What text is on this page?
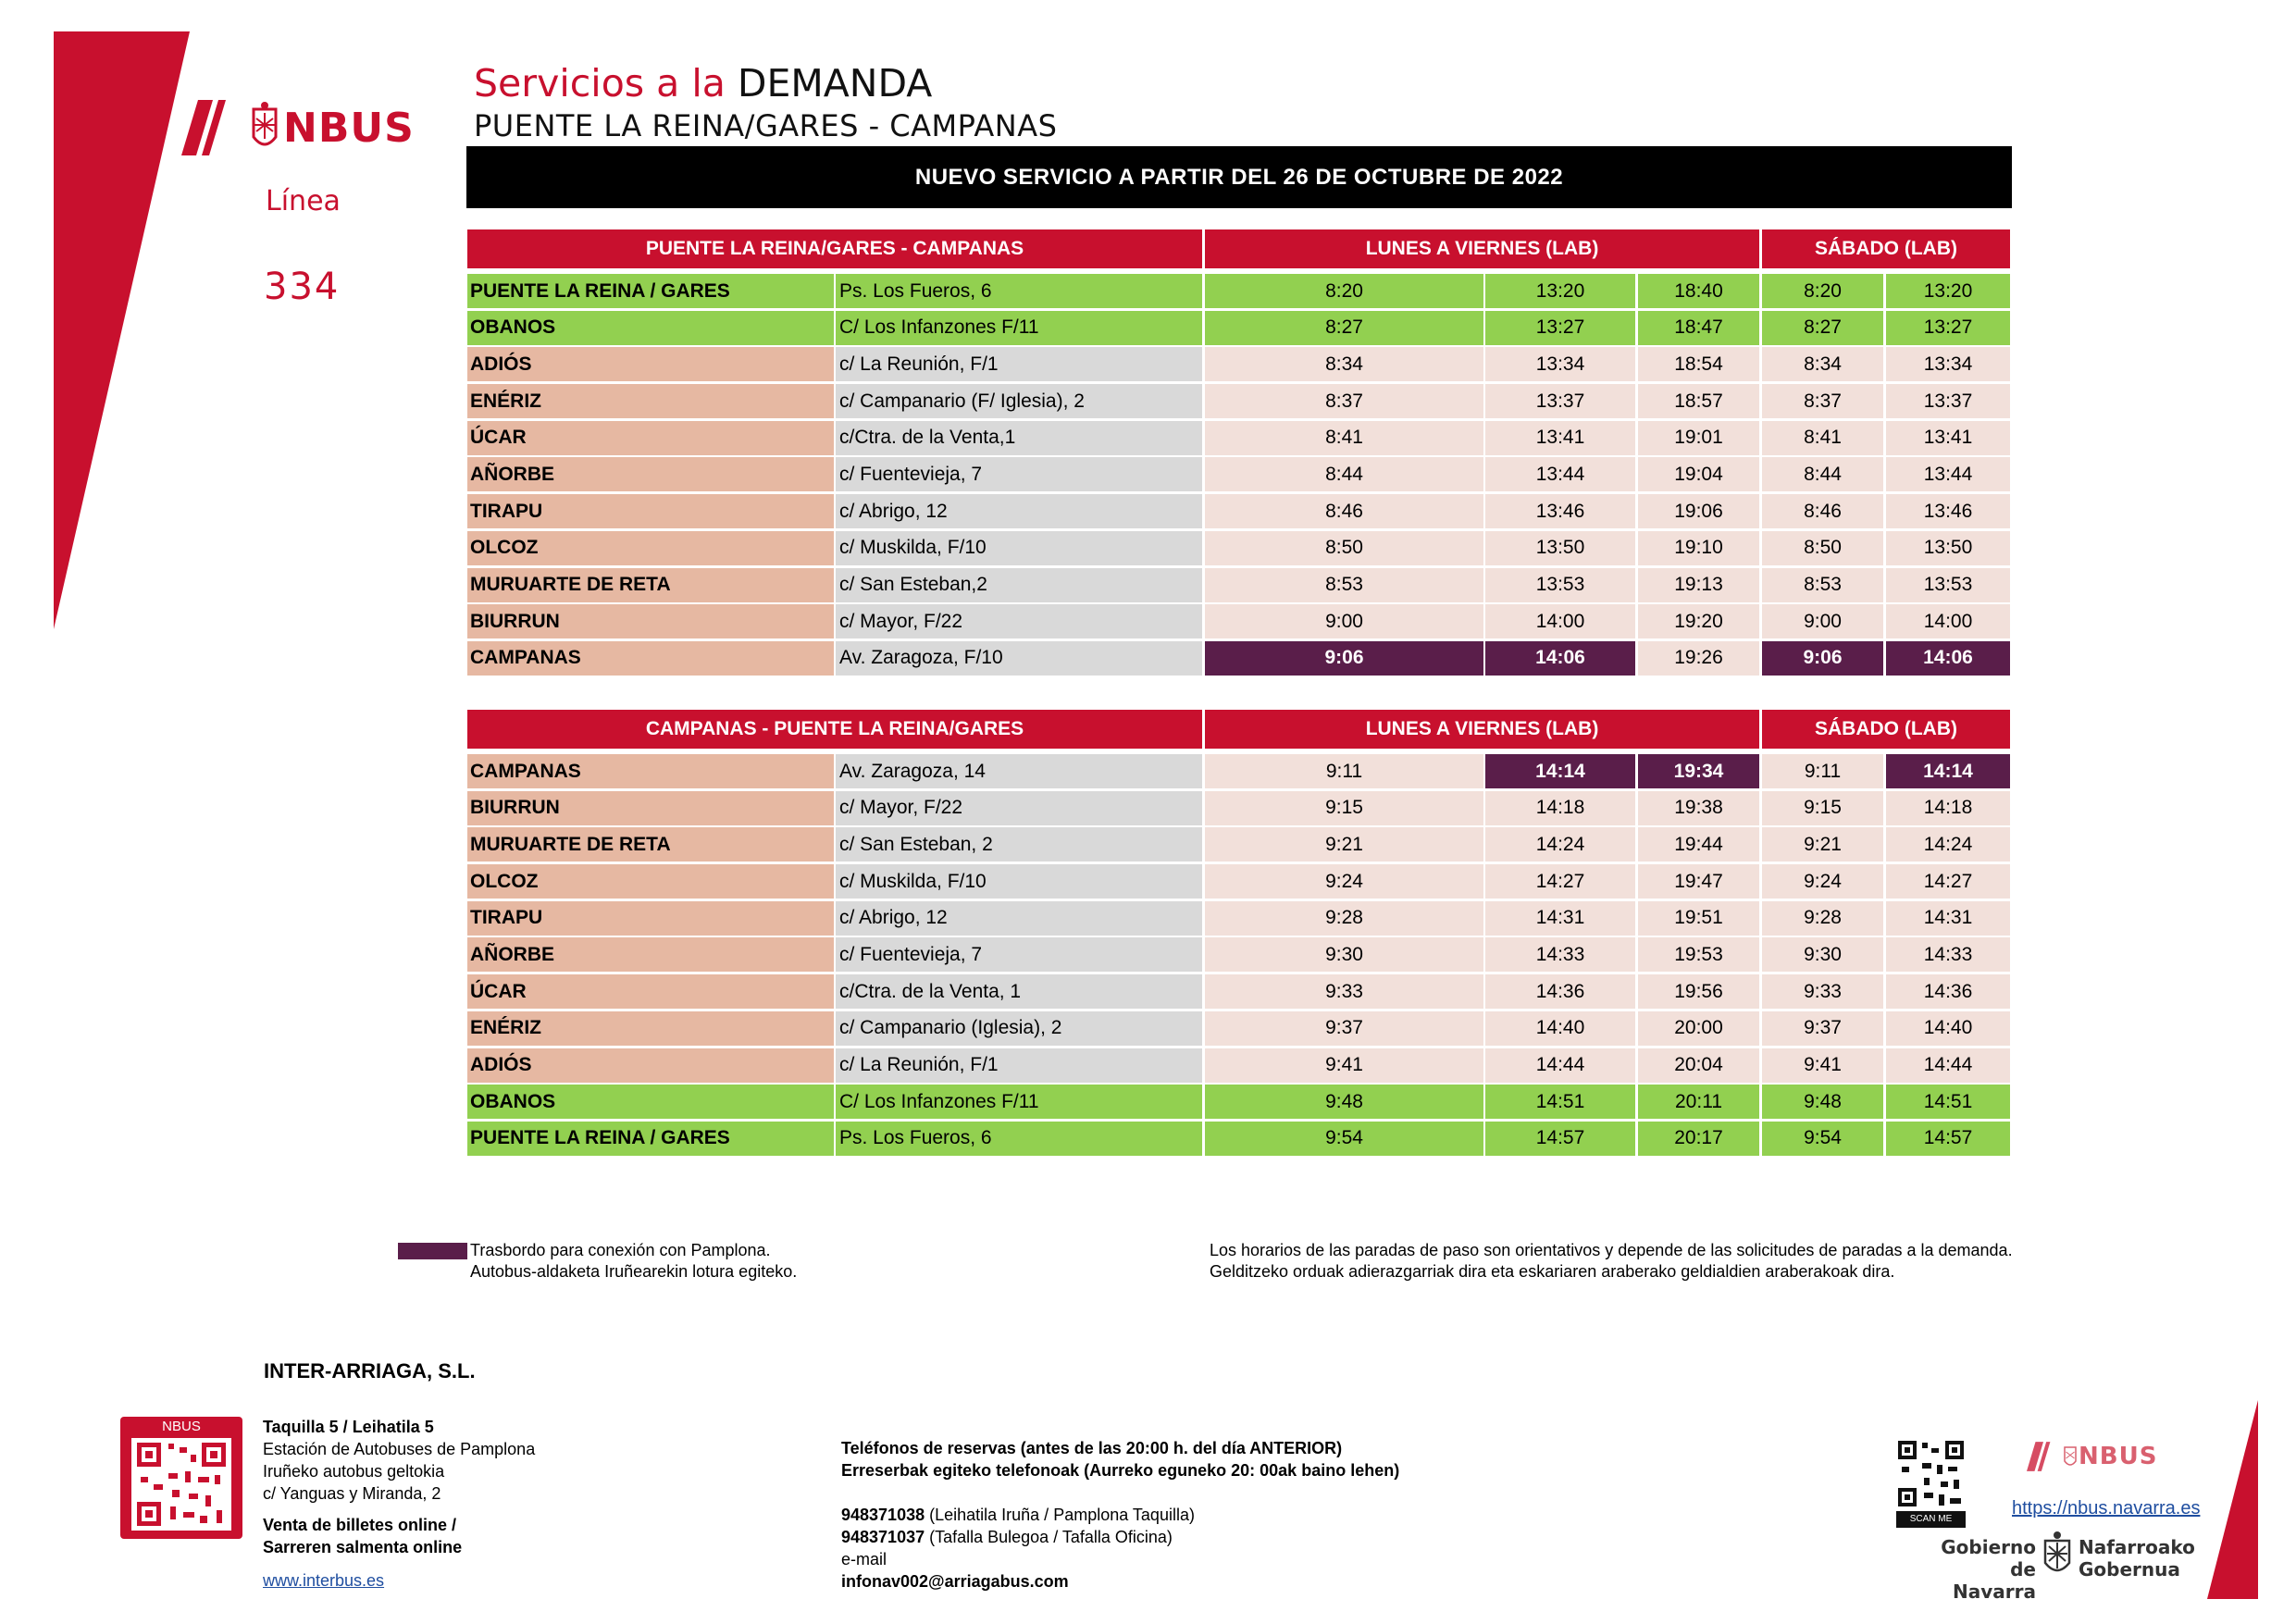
NBUS
Servicios a la DEMANDA
PUENTE LA REINA/GARES - CAMPANAS
Línea
334
NUEVO SERVICIO A PARTIR DEL 26 DE OCTUBRE DE 2022
PUENTE LA REINA/GARES - CAMPANAS	LUNES A VIERNES (LAB)	SÁBADO (LAB)
PUENTE LA REINA / GARES	Ps. Los Fueros, 6	8:20	13:20	18:40	8:20	13:20
OBANOS	C/ Los Infanzones F/11	8:27	13:27	18:47	8:27	13:27
ADIÓS	c/ La Reunión, F/1	8:34	13:34	18:54	8:34	13:34
ENÉRIZ	c/ Campanario (F/ Iglesia), 2	8:37	13:37	18:57	8:37	13:37
ÚCAR	c/Ctra. de la Venta,1	8:41	13:41	19:01	8:41	13:41
AÑORBE	c/ Fuentevieja, 7	8:44	13:44	19:04	8:44	13:44
TIRAPU	c/ Abrigo, 12	8:46	13:46	19:06	8:46	13:46
OLCOZ	c/ Muskilda, F/10	8:50	13:50	19:10	8:50	13:50
MURUARTE DE RETA	c/ San Esteban,2	8:53	13:53	19:13	8:53	13:53
BIURRUN	c/ Mayor, F/22	9:00	14:00	19:20	9:00	14:00
CAMPANAS	Av. Zaragoza, F/10	9:06	14:06	19:26	9:06	14:06
CAMPANAS - PUENTE LA REINA/GARES	LUNES A VIERNES (LAB)	SÁBADO (LAB)
CAMPANAS	Av. Zaragoza, 14	9:11	14:14	19:34	9:11	14:14
BIURRUN	c/ Mayor, F/22	9:15	14:18	19:38	9:15	14:18
MURUARTE DE RETA	c/ San Esteban, 2	9:21	14:24	19:44	9:21	14:24
OLCOZ	c/ Muskilda, F/10	9:24	14:27	19:47	9:24	14:27
TIRAPU	c/ Abrigo, 12	9:28	14:31	19:51	9:28	14:31
AÑORBE	c/ Fuentevieja, 7	9:30	14:33	19:53	9:30	14:33
ÚCAR	c/Ctra. de la Venta, 1	9:33	14:36	19:56	9:33	14:36
ENÉRIZ	c/ Campanario (Iglesia), 2	9:37	14:40	20:00	9:37	14:40
ADIÓS	c/ La Reunión, F/1	9:41	14:44	20:04	9:41	14:44
OBANOS	C/ Los Infanzones F/11	9:48	14:51	20:11	9:48	14:51
PUENTE LA REINA / GARES	Ps. Los Fueros, 6	9:54	14:57	20:17	9:54	14:57
Trasbordo para conexión con Pamplona.
Autobus-aldaketa Iruñearekin lotura egiteko.
Los horarios de las paradas de paso son orientativos y depende de las solicitudes de paradas a la demanda.
Gelditzeko orduak adierazgarriak dira eta eskariaren araberako geldialdien araberakoak dira.
INTER-ARRIAGA, S.L.
NBUS	Taquilla 5 / Leihatila 5
Estación de Autobuses de Pamplona
Iruñeko autobus geltokia
c/ Yanguas y Miranda, 2
Venta de billetes online /
Sarreren salmenta online
www.interbus.es
Teléfonos de reservas (antes de las 20:00 h. del día ANTERIOR)
Erreserbak egiteko telefonoak (Aurreko eguneko 20: 00ak baino lehen)
948371038 (Leihatila Iruña / Pamplona Taquilla)
948371037 (Tafalla Bulegoa / Tafalla Oficina)
e-mail
infonav002@arriagabus.com
SCAN ME
NBUS
https://nbus.navarra.es
Gobierno
de Navarra
Nafarroako
Gobernua
